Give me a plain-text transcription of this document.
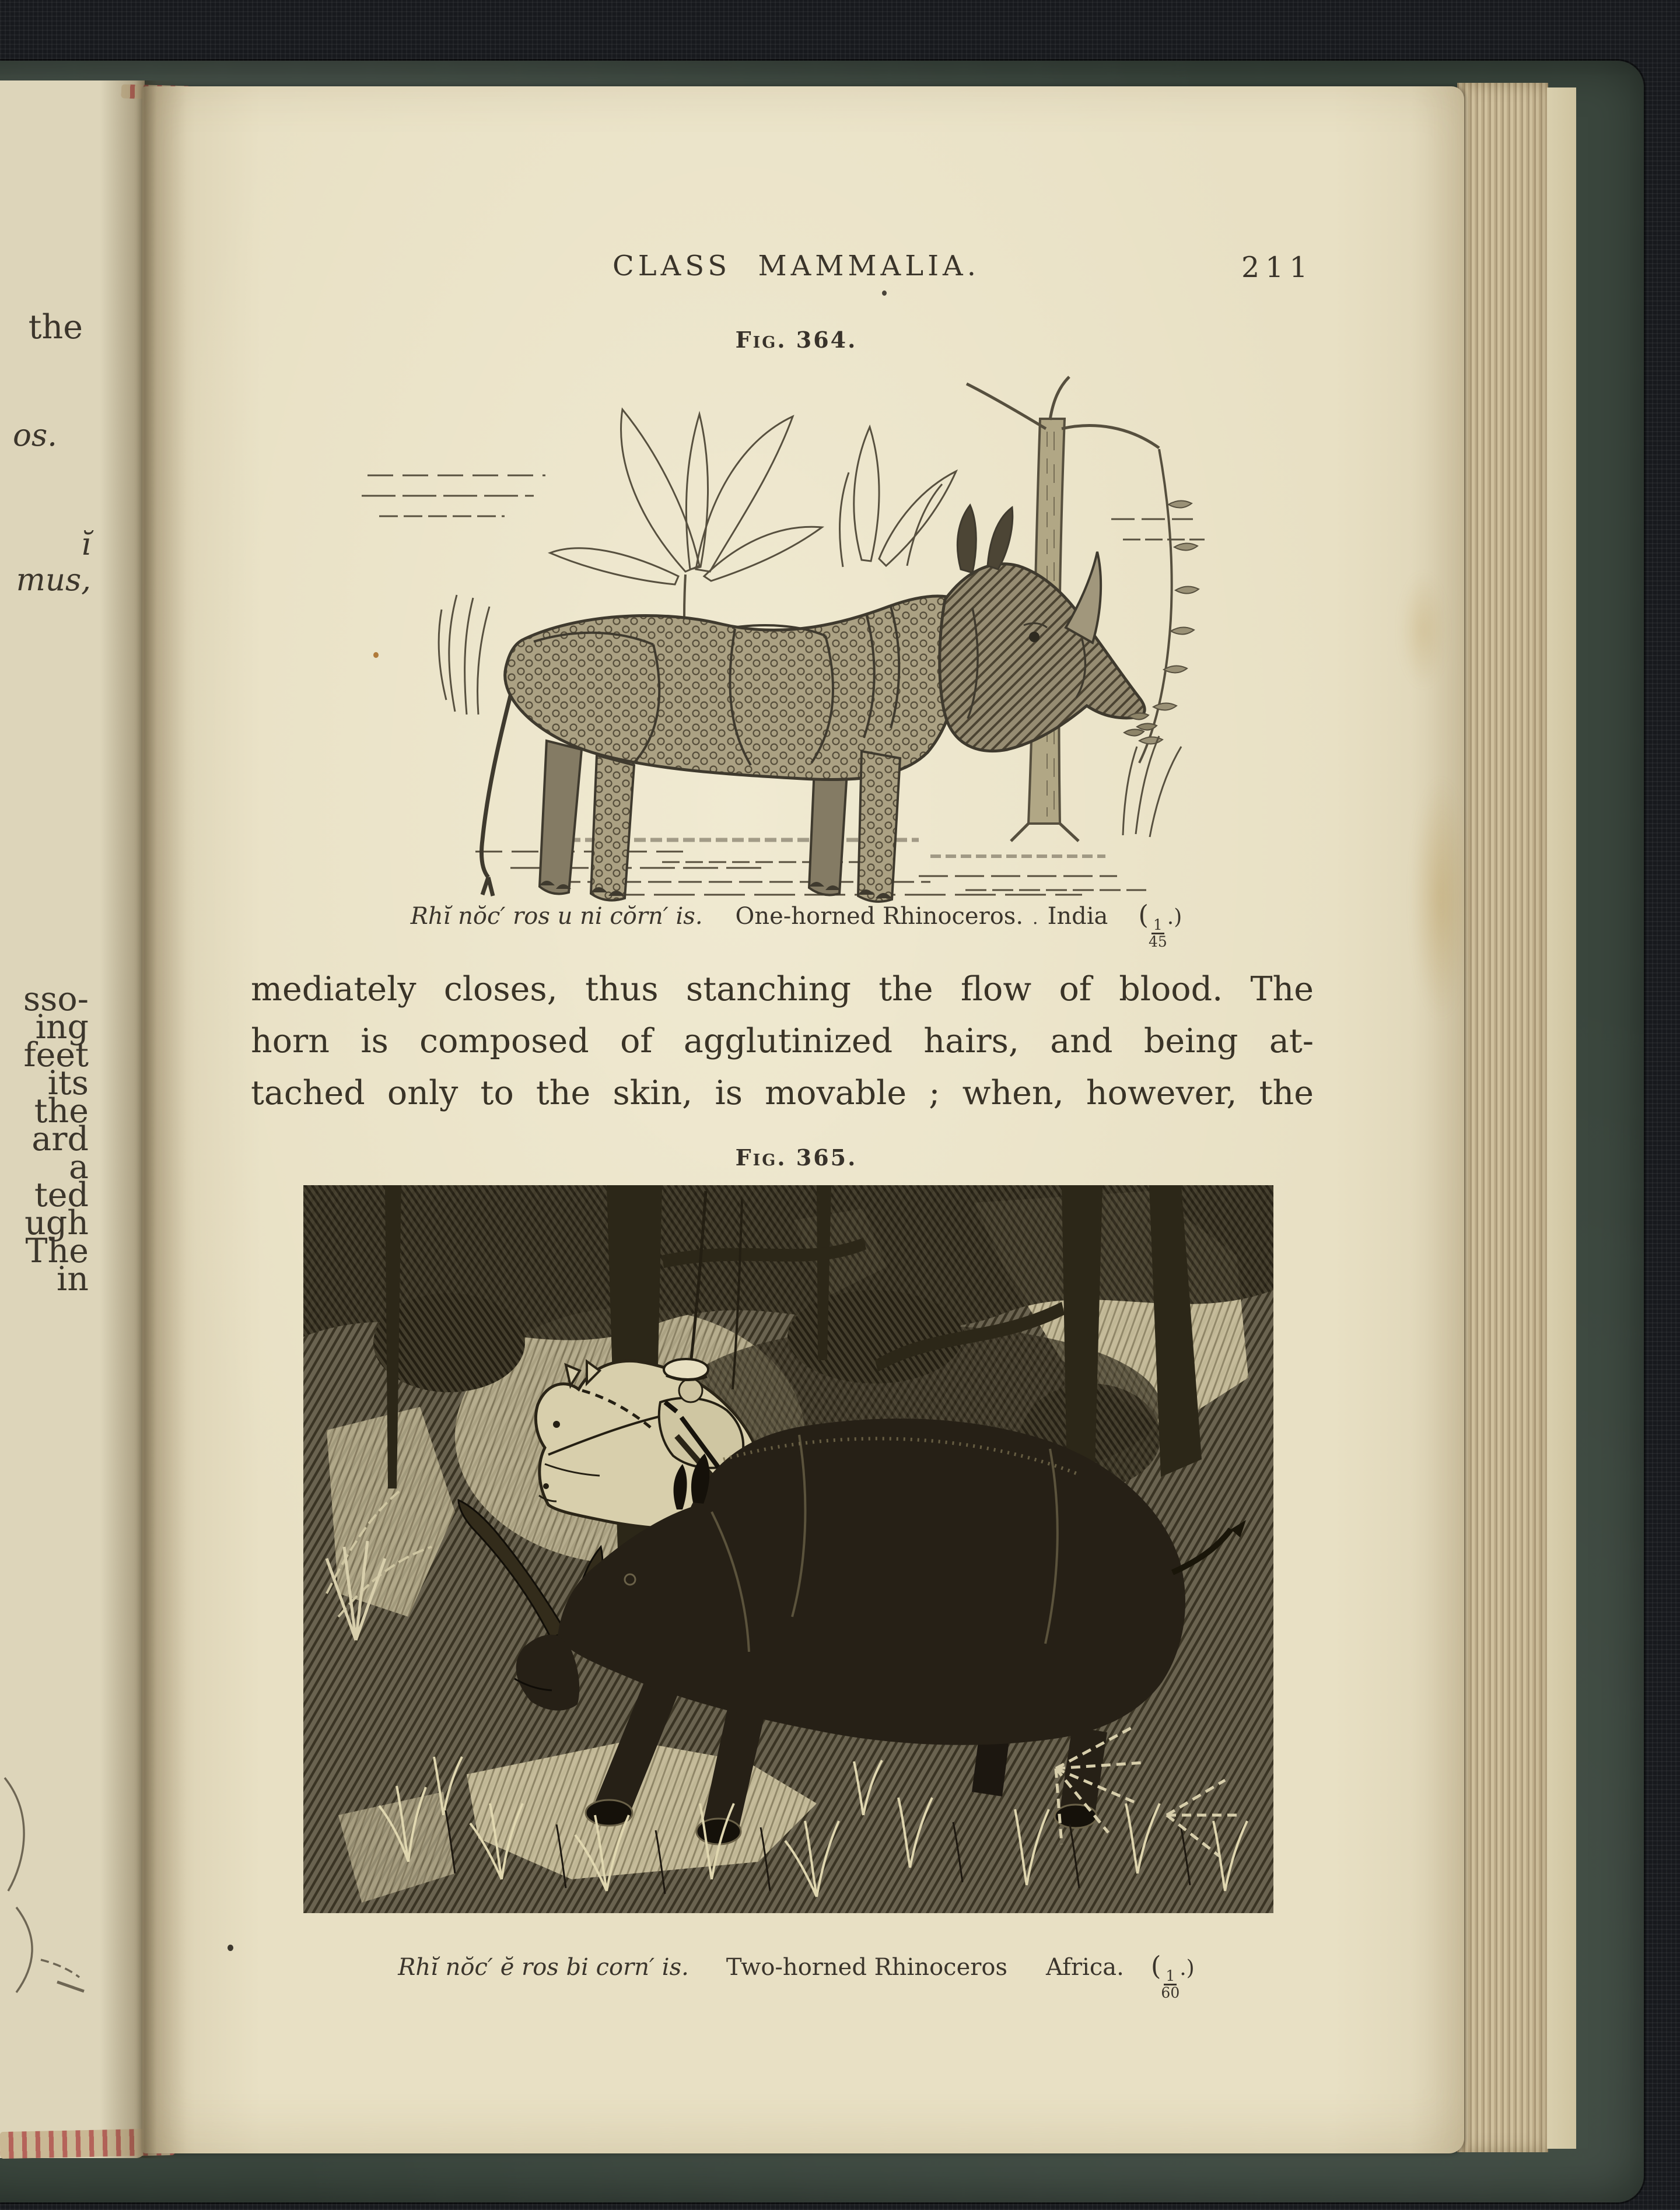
the
os.
ĭ mus,
sso-
ing
feet
its
the
ard
a
ted
ugh
The
in
CLASS MAMMALIA.	211
Fig. 364.
Rhĭ nŏc′ ros u ni cŏrn′ is. One-horned Rhinoceros. . India (
$\frac{1}{45}$
.)
mediately closes, thus stanching the flow of blood. The
horn is composed of agglutinized hairs, and being at-
tached only to the skin, is movable ; when, however, the
Fig. 365.
Rhĭ nŏc′ ĕ ros bi corn′ is. Two-horned Rhinoceros Africa. (
$\frac{1}{60}$
.)
